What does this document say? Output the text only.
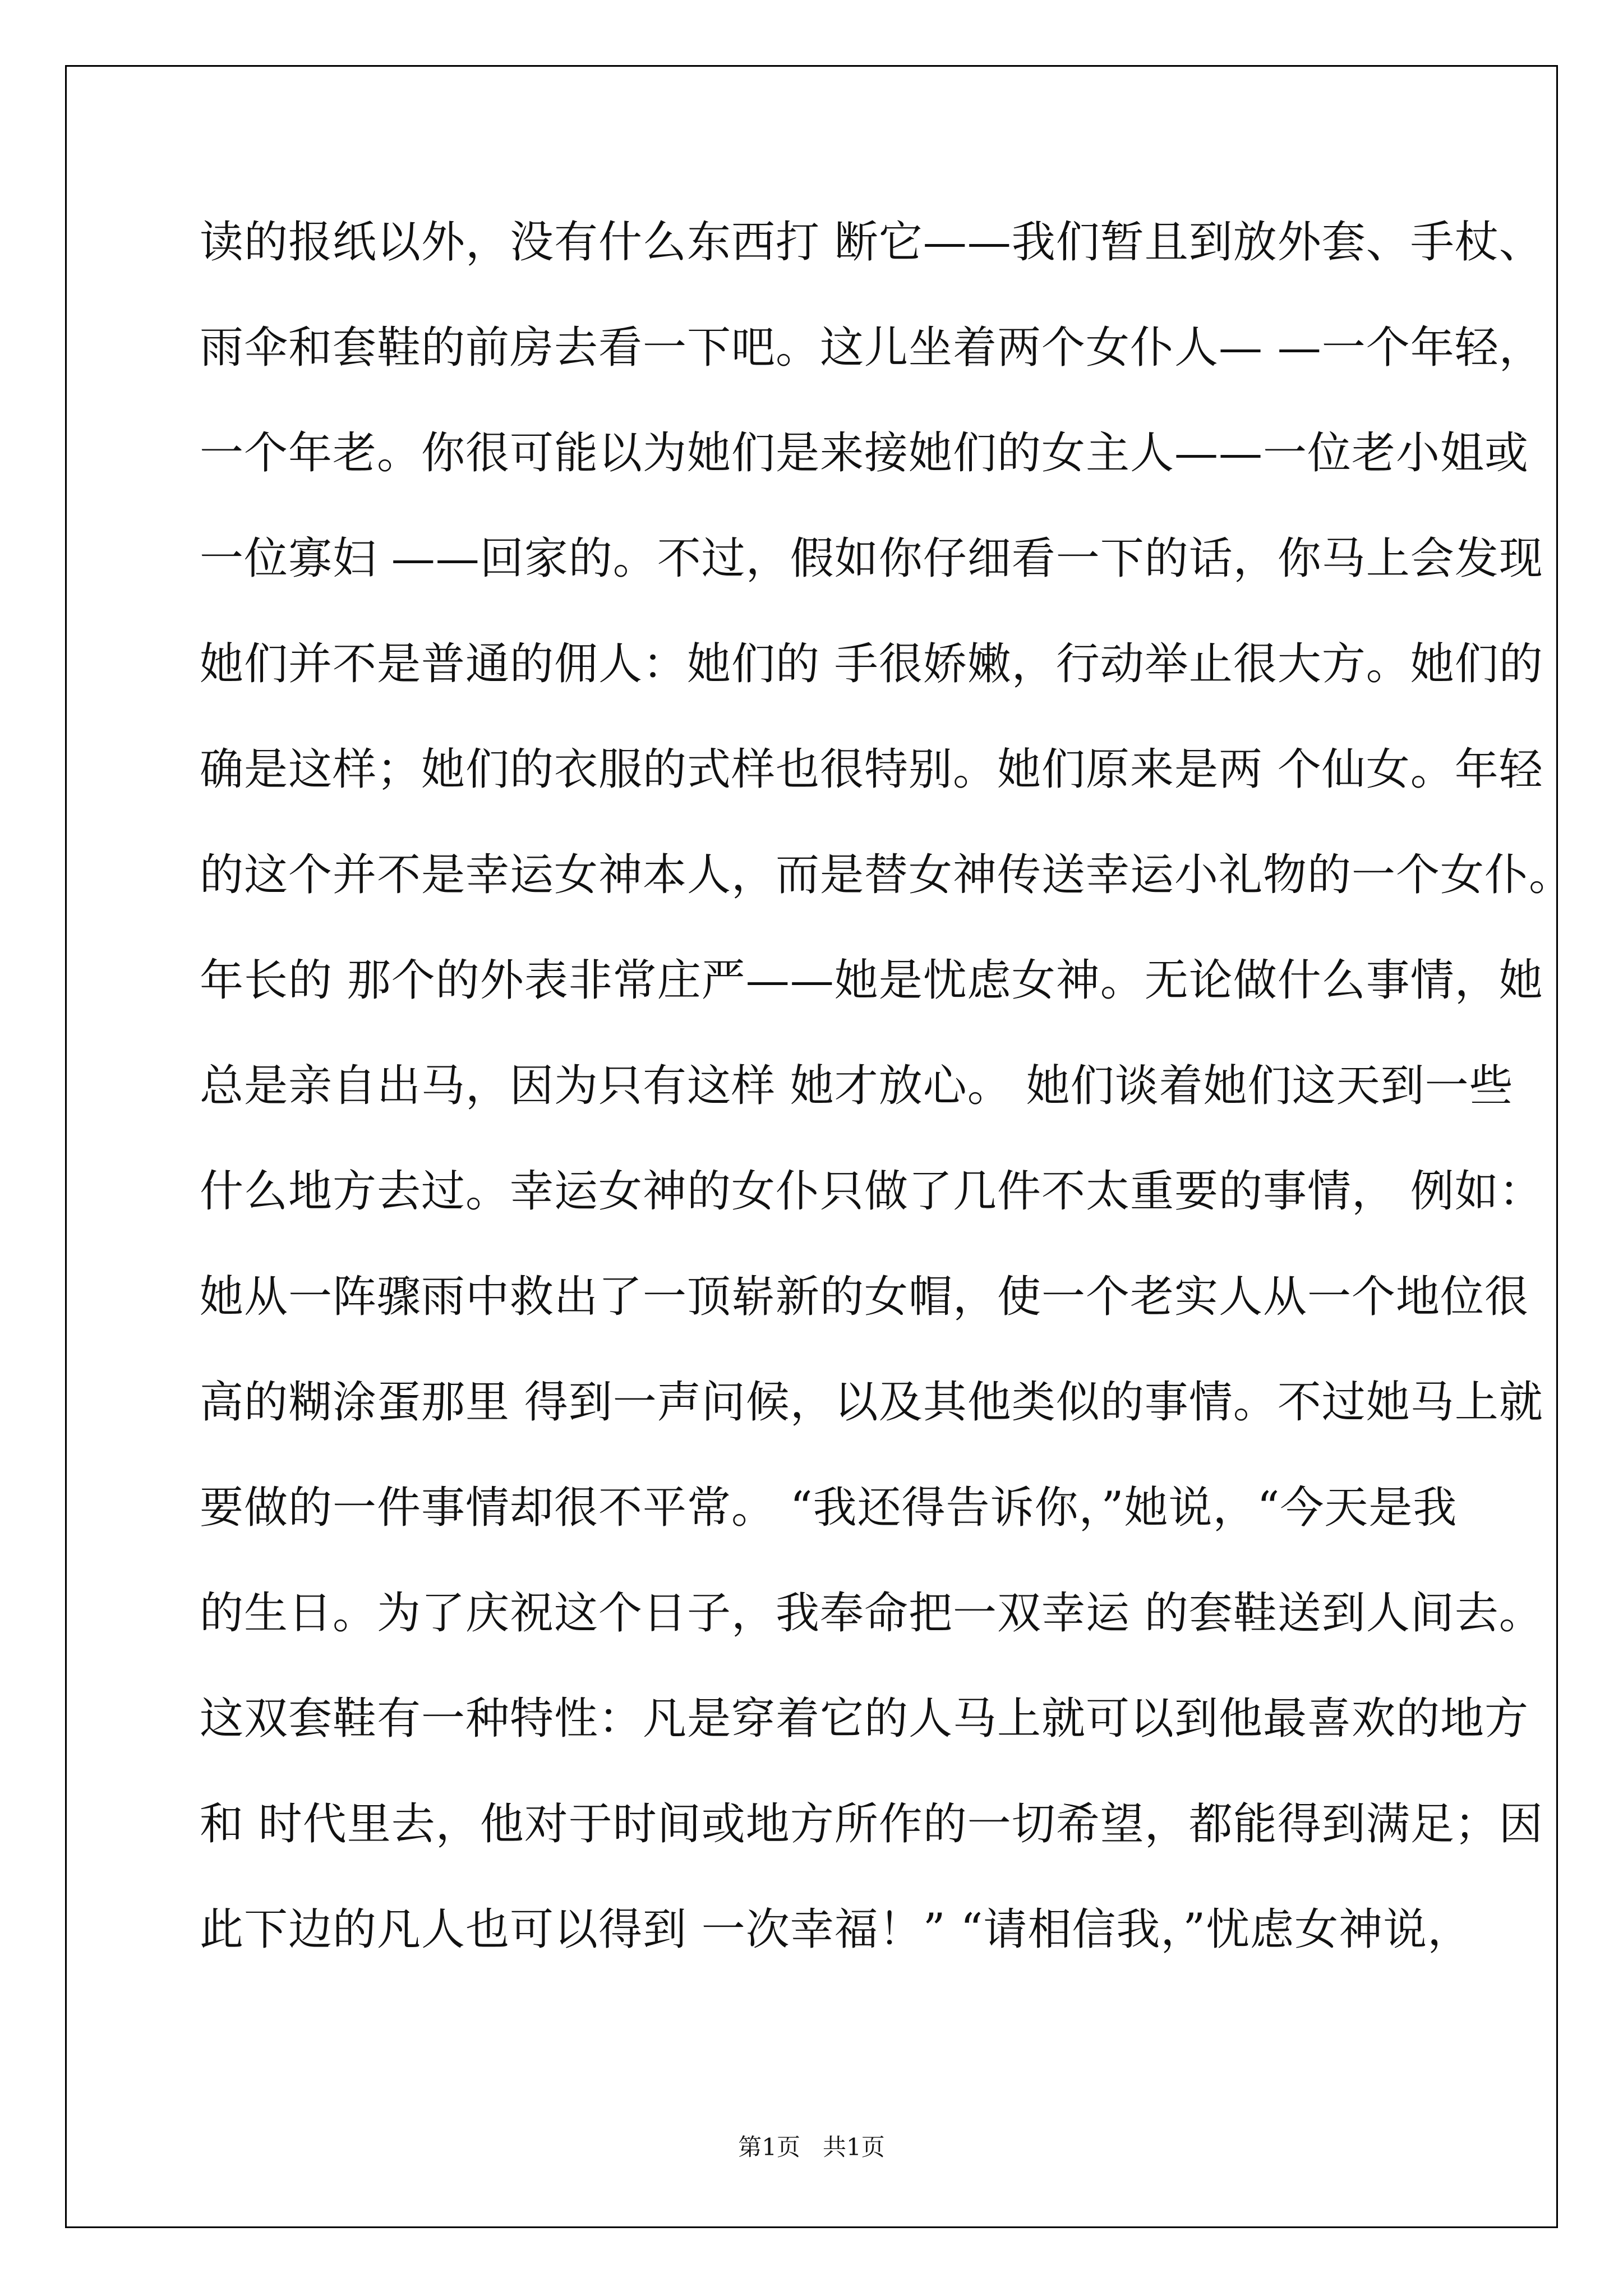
读的报纸以外，没有什么东西打 断它——我们暂且到放外套、手杖、
雨伞和套鞋的前房去看一下吧。这儿坐着两个女仆人— —一个年轻，
一个年老。你很可能以为她们是来接她们的女主人——一位老小姐或
一位寡妇 ——回家的。不过，假如你仔细看一下的话，你马上会发现
她们并不是普通的佣人：她们的 手很娇嫩，行动举止很大方。她们的
确是这样；她们的衣服的式样也很特别。她们原来是两 个仙女。年轻
的这个并不是幸运女神本人，而是替女神传送幸运小礼物的一个女仆。
年长的 那个的外表非常庄严——她是忧虑女神。无论做什么事情，她
总是亲自出马，因为只有这样 她才放心。 她们谈着她们这天到一些
什么地方去过。幸运女神的女仆只做了几件不太重要的事情， 例如：
她从一阵骤雨中救出了一顶崭新的女帽，使一个老实人从一个地位很
高的糊涂蛋那里 得到一声问候，以及其他类似的事情。不过她马上就
要做的一件事情却很不平常。 “我还得告诉你，”她说，“今天是我
的生日。为了庆祝这个日子，我奉命把一双幸运 的套鞋送到人间去。
这双套鞋有一种特性：凡是穿着它的人马上就可以到他最喜欢的地方
和 时代里去，他对于时间或地方所作的一切希望，都能得到满足；因
此下边的凡人也可以得到 一次幸福！” “请相信我，”忧虑女神说，
第1页   共1页
